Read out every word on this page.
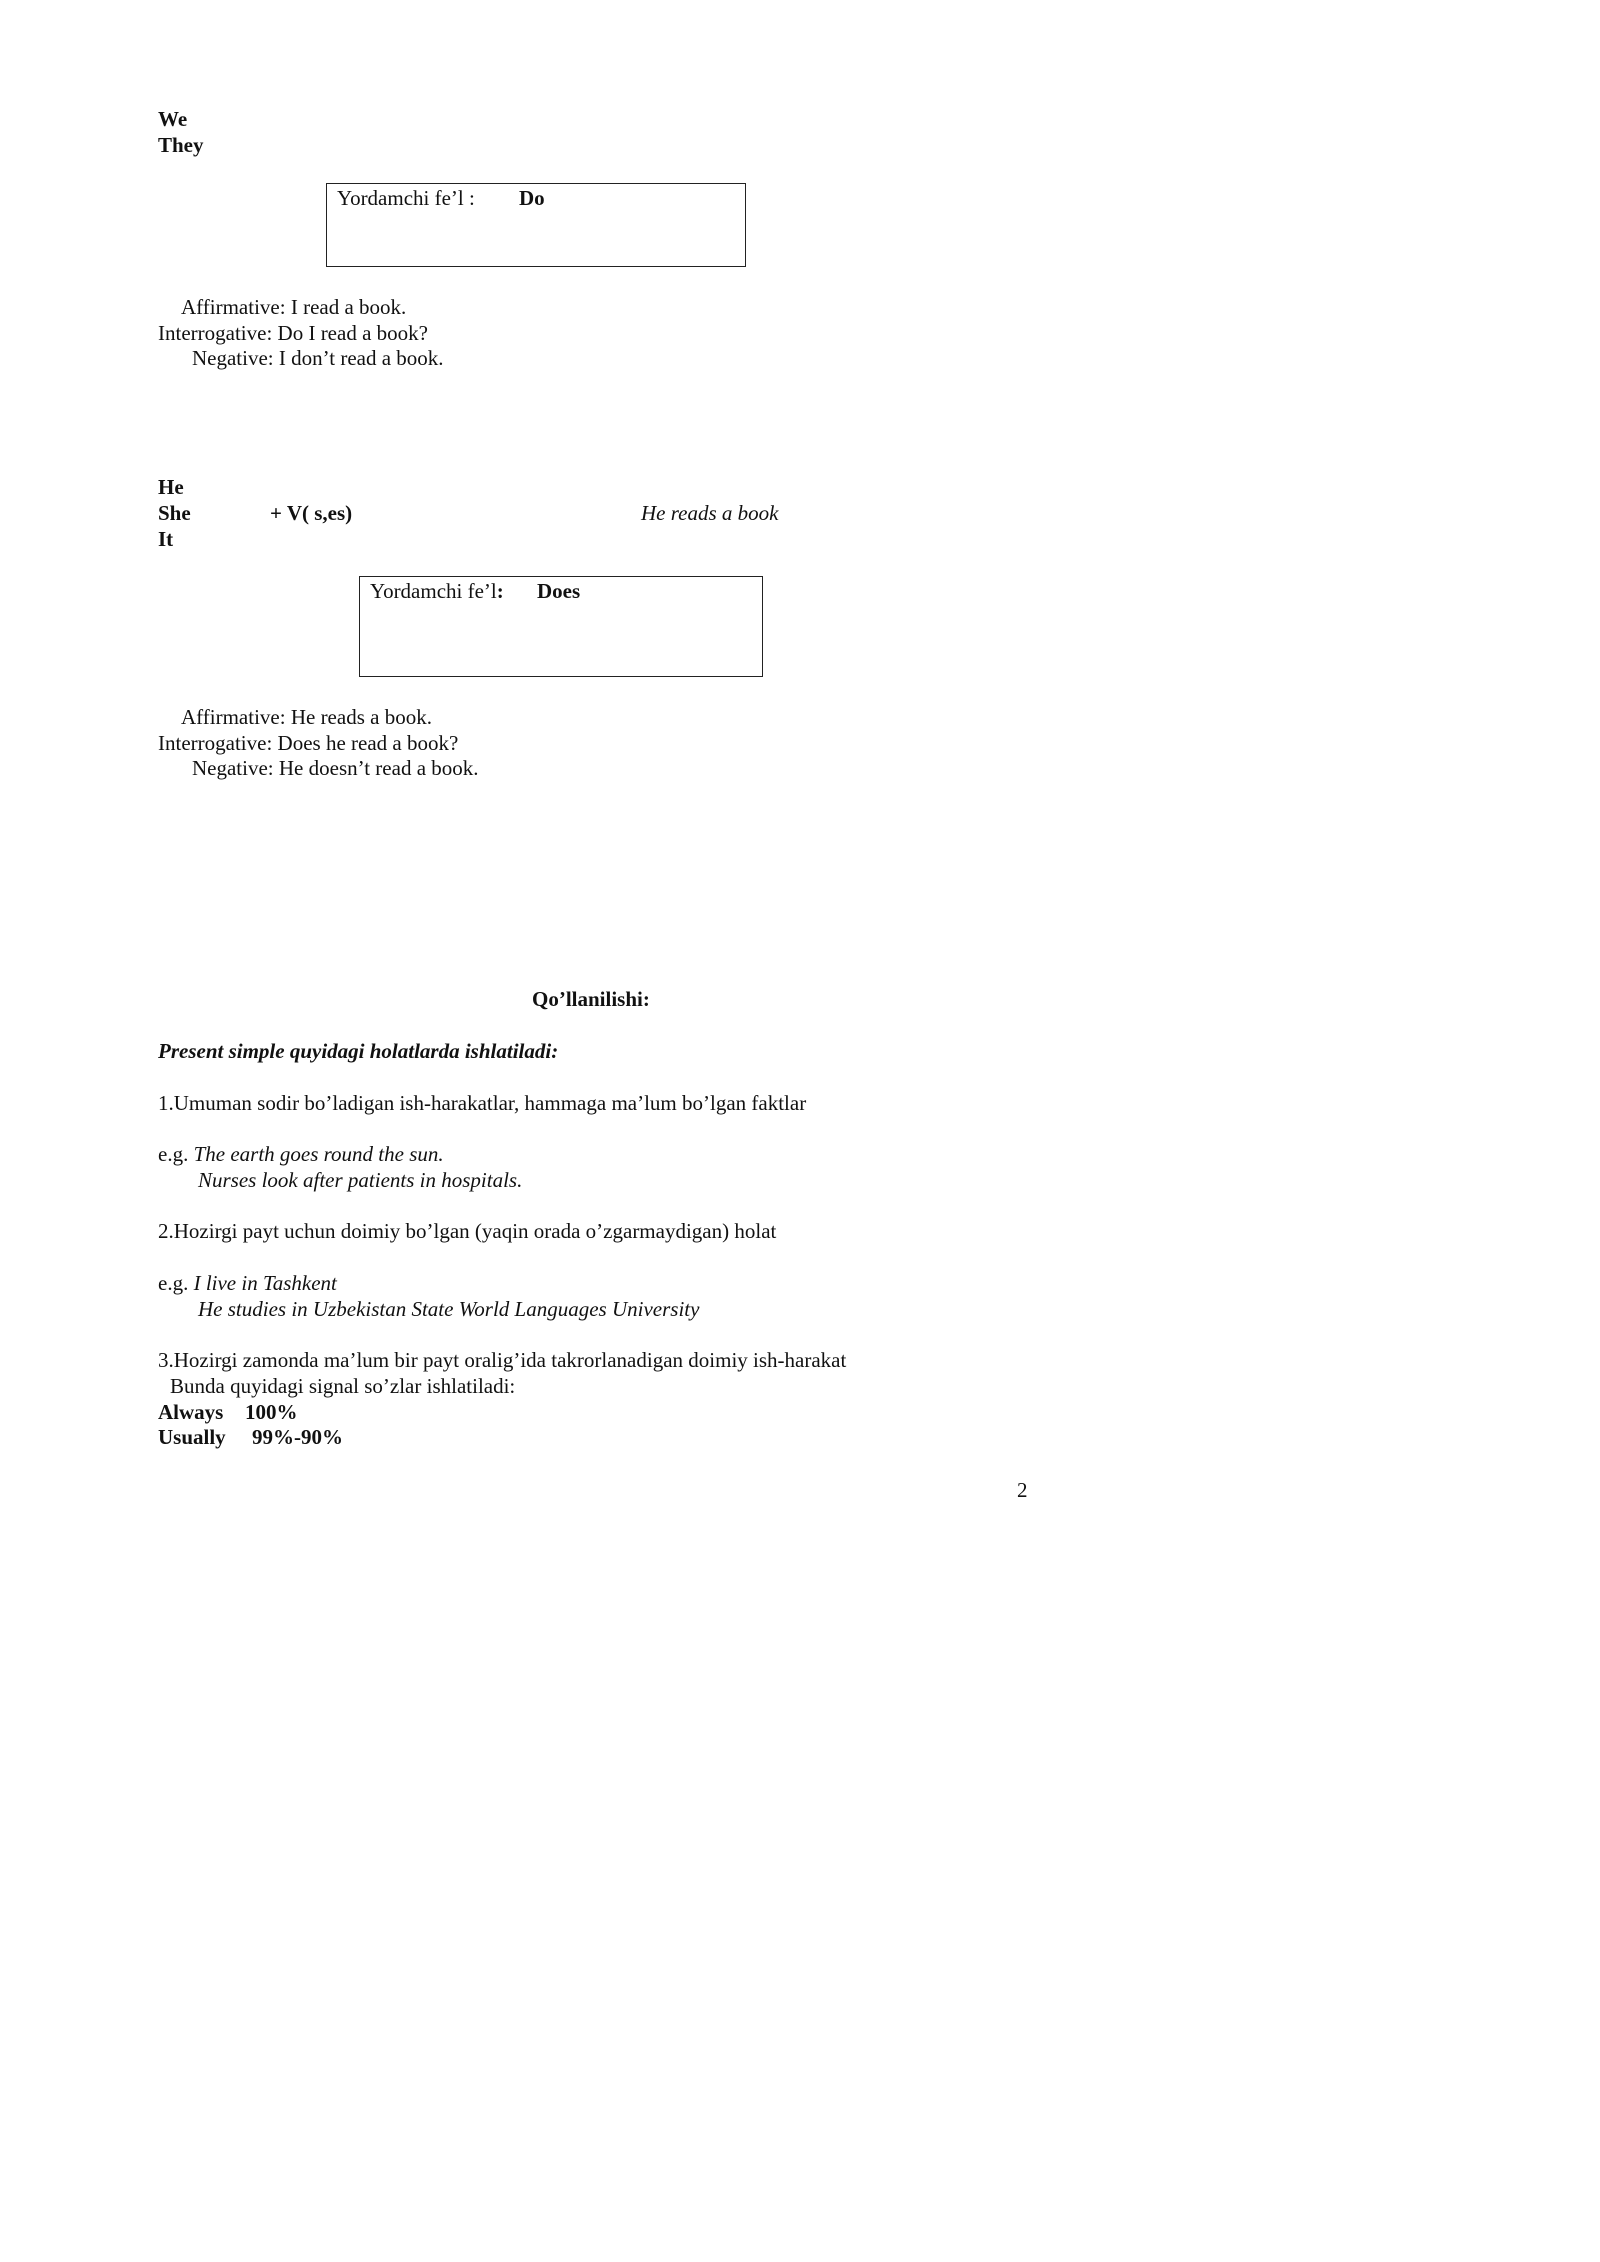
We
They
Yordamchi fe’l : Do
Affirmative: I read a book.
Interrogative: Do I read a book?
Negative: I don’t read a book.
He
She
It
+ V( s,es)	He reads a book
Yordamchi fe’l: Does
Affirmative: He reads a book.
Interrogative: Does he read a book?
Negative: He doesn’t read a book.
Qo’llanilishi:
Present simple quyidagi holatlarda ishlatiladi:
1.Umuman sodir bo’ladigan ish-harakatlar, hammaga ma’lum bo’lgan faktlar
e.g. The earth goes round the sun.
Nurses look after patients in hospitals.
2.Hozirgi payt uchun doimiy bo’lgan (yaqin orada o’zgarmaydigan) holat
e.g. I live in Tashkent
He studies in Uzbekistan State World Languages University
3.Hozirgi zamonda ma’lum bir payt oralig’ida takrorlanadigan doimiy ish-harakat
Bunda quyidagi signal so’zlar ishlatiladi:
Always 100%
Usually 99%-90%
2
